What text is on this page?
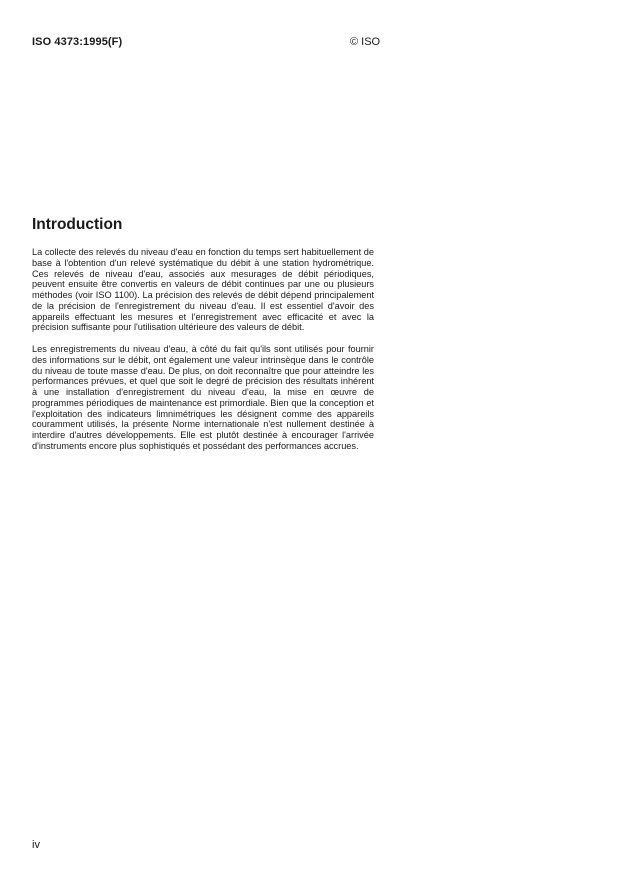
ISO 4373:1995(F)	© ISO
Introduction

La collecte des relevés du niveau d'eau en fonction du temps sert habituellement de base à l'obtention d'un relevé systématique du débit à une station hydrométrique. Ces relevés de niveau d'eau, associés aux mesurages de débit périodiques, peuvent ensuite être convertis en valeurs de débit continues par une ou plusieurs méthodes (voir ISO 1100). La précision des relevés de débit dépend principalement de la précision de l'enregistrement du niveau d'eau. Il est essentiel d'avoir des appareils effectuant les mesures et l'enregistrement avec efficacité et avec la précision suffisante pour l'utilisation ultérieure des valeurs de débit.

Les enregistrements du niveau d'eau, à côté du fait qu'ils sont utilisés pour fournir des informations sur le débit, ont également une valeur intrinsèque dans le contrôle du niveau de toute masse d'eau. De plus, on doit reconnaître que pour atteindre les performances prévues, et quel que soit le degré de précision des résultats inhérent à une installation d'enregistrement du niveau d'eau, la mise en œuvre de programmes périodiques de maintenance est primordiale. Bien que la conception et l'exploitation des indicateurs limnimétriques les désignent comme des appareils couramment utilisés, la présente Norme internationale n'est nullement destinée à interdire d'autres développements. Elle est plutôt destinée à encourager l'arrivée d'instruments encore plus sophistiqués et possédant des performances accrues.

iv
